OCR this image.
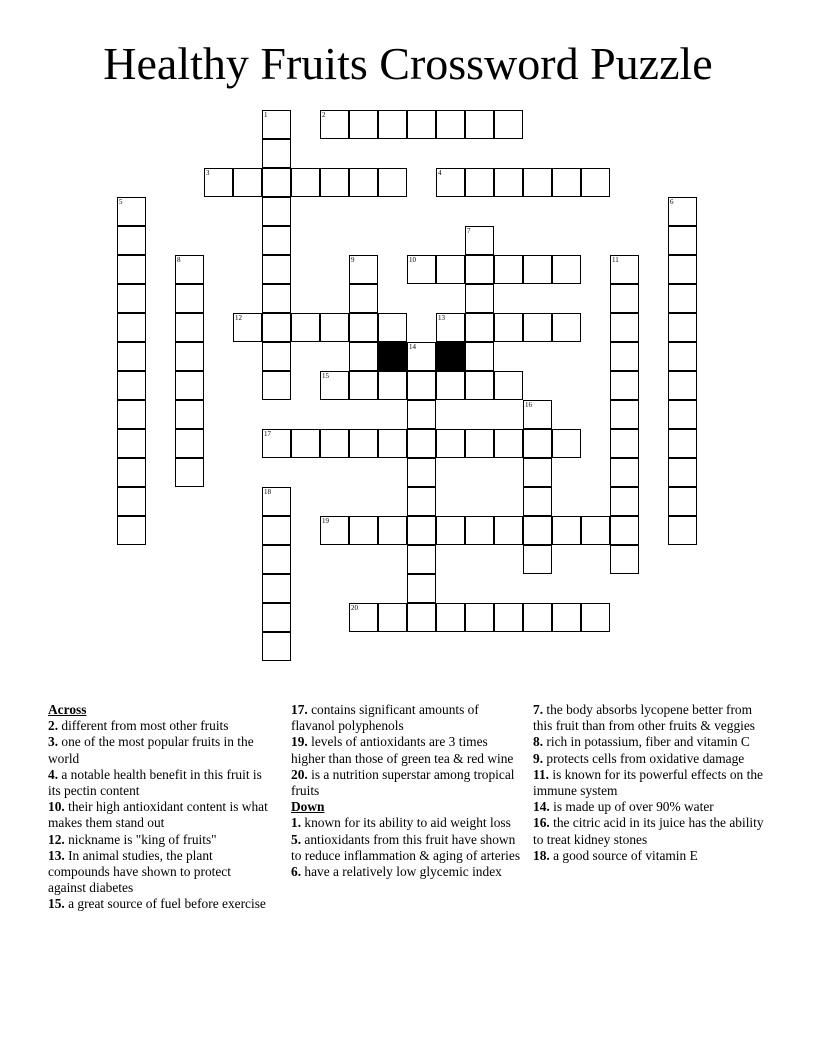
Healthy Fruits Crossword Puzzle
1	2
3	4
5	6
7
8	9	10	11
12	13
14
15
16
17
18
19
20
Across
2. different from most other fruits
3. one of the most popular fruits in the world
4. a notable health benefit in this fruit is its pectin content
10. their high antioxidant content is what makes them stand out
12. nickname is "king of fruits"
13. In animal studies, the plant compounds have shown to protect against diabetes
15. a great source of fuel before exercise
17. contains significant amounts of flavanol polyphenols
19. levels of antioxidants are 3 times higher than those of green tea & red wine
20. is a nutrition superstar among tropical fruits
Down
1. known for its ability to aid weight loss
5. antioxidants from this fruit have shown to reduce inflammation & aging of arteries
6. have a relatively low glycemic index
7. the body absorbs lycopene better from this fruit than from other fruits & veggies
8. rich in potassium, fiber and vitamin C
9. protects cells from oxidative damage
11. is known for its powerful effects on the immune system
14. is made up of over 90% water
16. the citric acid in its juice has the ability to treat kidney stones
18. a good source of vitamin E
